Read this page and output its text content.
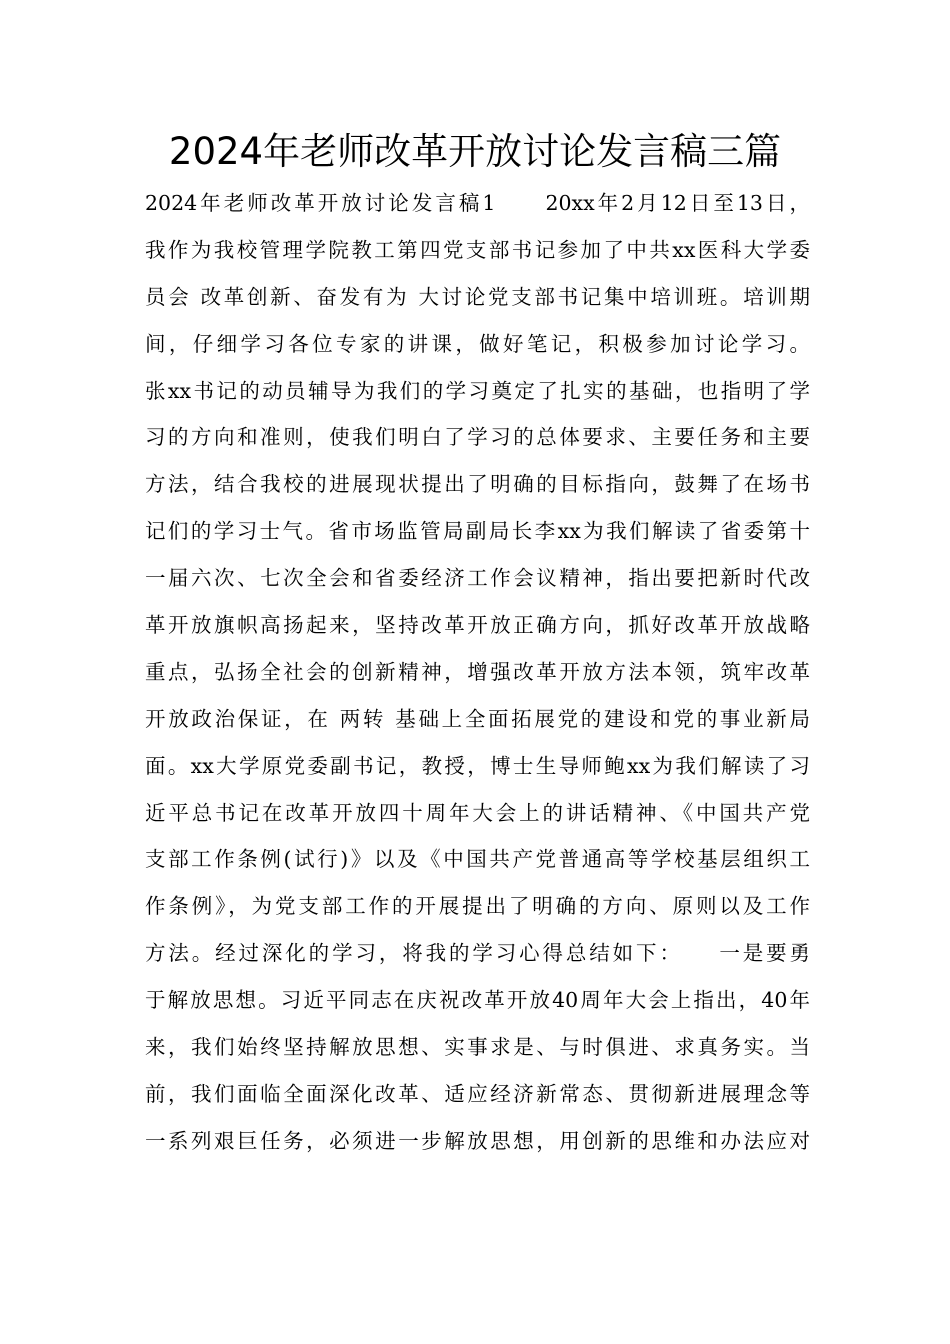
2024年老师改革开放讨论发言稿三篇
2024年老师改革开放讨论发言稿1　　20xx年2月12日至13日，
我作为我校管理学院教工第四党支部书记参加了中共xx医科大学委
员会 改革创新、奋发有为 大讨论党支部书记集中培训班。培训期
间，仔细学习各位专家的讲课，做好笔记，积极参加讨论学习。
张xx书记的动员辅导为我们的学习奠定了扎实的基础，也指明了学
习的方向和准则，使我们明白了学习的总体要求、主要任务和主要
方法，结合我校的进展现状提出了明确的目标指向，鼓舞了在场书
记们的学习士气。省市场监管局副局长李xx为我们解读了省委第十
一届六次、七次全会和省委经济工作会议精神，指出要把新时代改
革开放旗帜高扬起来，坚持改革开放正确方向，抓好改革开放战略
重点，弘扬全社会的创新精神，增强改革开放方法本领，筑牢改革
开放政治保证，在 两转 基础上全面拓展党的建设和党的事业新局
面。xx大学原党委副书记，教授，博士生导师鲍xx为我们解读了习
近平总书记在改革开放四十周年大会上的讲话精神、《中国共产党
支部工作条例(试行)》以及《中国共产党普通高等学校基层组织工
作条例》，为党支部工作的开展提出了明确的方向、原则以及工作
方法。经过深化的学习，将我的学习心得总结如下：　　一是要勇
于解放思想。习近平同志在庆祝改革开放40周年大会上指出，40年
来，我们始终坚持解放思想、实事求是、与时俱进、求真务实。当
前，我们面临全面深化改革、适应经济新常态、贯彻新进展理念等
一系列艰巨任务，必须进一步解放思想，用创新的思维和办法应对
